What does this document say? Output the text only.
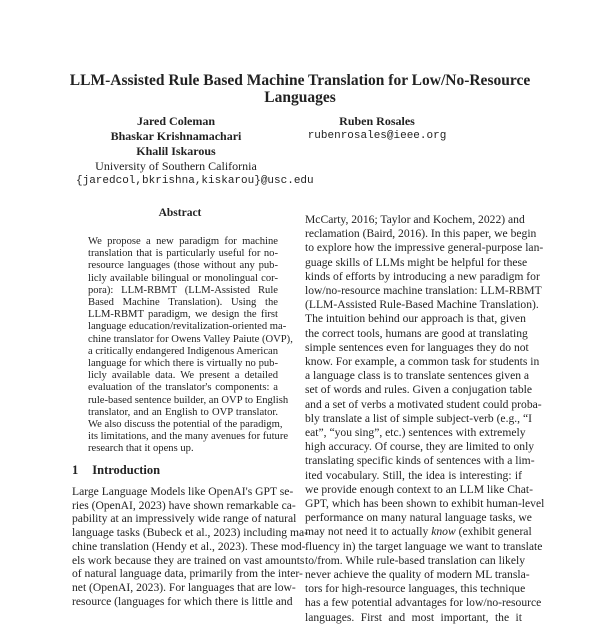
LLM-Assisted Rule Based Machine Translation for Low/No-Resource
Languages
Jared Coleman
Bhaskar Krishnamachari
Khalil Iskarous
University of Southern California
{jaredcol,bkrishna,kiskarou}@usc.edu
Ruben Rosales
rubenrosales@ieee.org
Abstract
We propose a new paradigm for machine
translation that is particularly useful for no-
resource languages (those without any pub-
licly available bilingual or monolingual cor-
pora): LLM-RBMT (LLM-Assisted Rule
Based Machine Translation). Using the
LLM-RBMT paradigm, we design the first
language education/revitalization-oriented ma-
chine translator for Owens Valley Paiute (OVP),
a critically endangered Indigenous American
language for which there is virtually no pub-
licly available data. We present a detailed
evaluation of the translator's components: a
rule-based sentence builder, an OVP to English
translator, and an English to OVP translator.
We also discuss the potential of the paradigm,
its limitations, and the many avenues for future
research that it opens up.
1 Introduction
Large Language Models like OpenAI's GPT se-
ries (OpenAI, 2023) have shown remarkable ca-
pability at an impressively wide range of natural
language tasks (Bubeck et al., 2023) including ma-
chine translation (Hendy et al., 2023). These mod-
els work because they are trained on vast amounts
of natural language data, primarily from the inter-
net (OpenAI, 2023). For languages that are low-
resource (languages for which there is little and
McCarty, 2016; Taylor and Kochem, 2022) and
reclamation (Baird, 2016). In this paper, we begin
to explore how the impressive general-purpose lan-
guage skills of LLMs might be helpful for these
kinds of efforts by introducing a new paradigm for
low/no-resource machine translation: LLM-RBMT
(LLM-Assisted Rule-Based Machine Translation).
The intuition behind our approach is that, given
the correct tools, humans are good at translating
simple sentences even for languages they do not
know. For example, a common task for students in
a language class is to translate sentences given a
set of words and rules. Given a conjugation table
and a set of verbs a motivated student could proba-
bly translate a list of simple subject-verb (e.g., “I
eat”, “you sing”, etc.) sentences with extremely
high accuracy. Of course, they are limited to only
translating specific kinds of sentences with a lim-
ited vocabulary. Still, the idea is interesting: if
we provide enough context to an LLM like Chat-
GPT, which has been shown to exhibit human-level
performance on many natural language tasks, we
may not need it to actually know (exhibit general
fluency in) the target language we want to translate
to/from. While rule-based translation can likely
never achieve the quality of modern ML transla-
tors for high-resource languages, this technique
has a few potential advantages for low/no-resource
languages. First and most important, the it
